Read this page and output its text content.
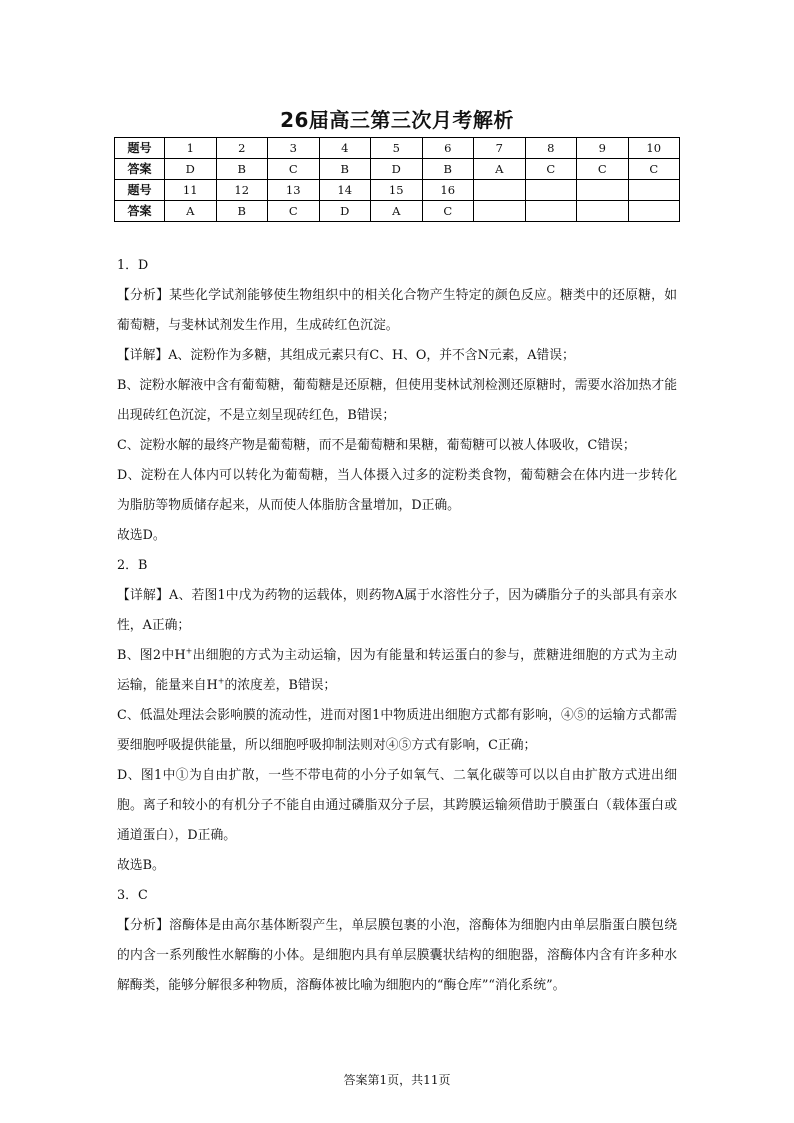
26届高三第三次月考解析
题号	1	2	3	4	5	6	7	8	9	10
答案	D	B	C	B	D	B	A	C	C	C
题号	11	12	13	14	15	16				
答案	A	B	C	D	A	C				

1．D

【分析】某些化学试剂能够使生物组织中的相关化合物产生特定的颜色反应。糖类中的还原糖，如葡萄糖，与斐林试剂发生作用，生成砖红色沉淀。

【详解】A、淀粉作为多糖，其组成元素只有C、H、O，并不含N元素，A错误；

B、淀粉水解液中含有葡萄糖，葡萄糖是还原糖，但使用斐林试剂检测还原糖时，需要水浴加热才能出现砖红色沉淀，不是立刻呈现砖红色，B错误；

C、淀粉水解的最终产物是葡萄糖，而不是葡萄糖和果糖，葡萄糖可以被人体吸收，C错误；

D、淀粉在人体内可以转化为葡萄糖，当人体摄入过多的淀粉类食物，葡萄糖会在体内进一步转化为脂肪等物质储存起来，从而使人体脂肪含量增加，D正确。

故选D。

2．B

【详解】A、若图1中戊为药物的运载体，则药物A属于水溶性分子，因为磷脂分子的头部具有亲水性，A正确；

B、图2中H+出细胞的方式为主动运输，因为有能量和转运蛋白的参与，蔗糖进细胞的方式为主动运输，能量来自H+的浓度差，B错误；

C、低温处理法会影响膜的流动性，进而对图1中物质进出细胞方式都有影响，④⑤的运输方式都需要细胞呼吸提供能量，所以细胞呼吸抑制法则对④⑤方式有影响，C正确；

D、图1中①为自由扩散，一些不带电荷的小分子如氧气、二氧化碳等可以以自由扩散方式进出细胞。离子和较小的有机分子不能自由通过磷脂双分子层，其跨膜运输须借助于膜蛋白（载体蛋白或通道蛋白），D正确。

故选B。

3．C

【分析】溶酶体是由高尔基体断裂产生，单层膜包裹的小泡，溶酶体为细胞内由单层脂蛋白膜包绕的内含一系列酸性水解酶的小体。是细胞内具有单层膜囊状结构的细胞器，溶酶体内含有许多种水解酶类，能够分解很多种物质，溶酶体被比喻为细胞内的“酶仓库”“消化系统”。

答案第1页，共11页
